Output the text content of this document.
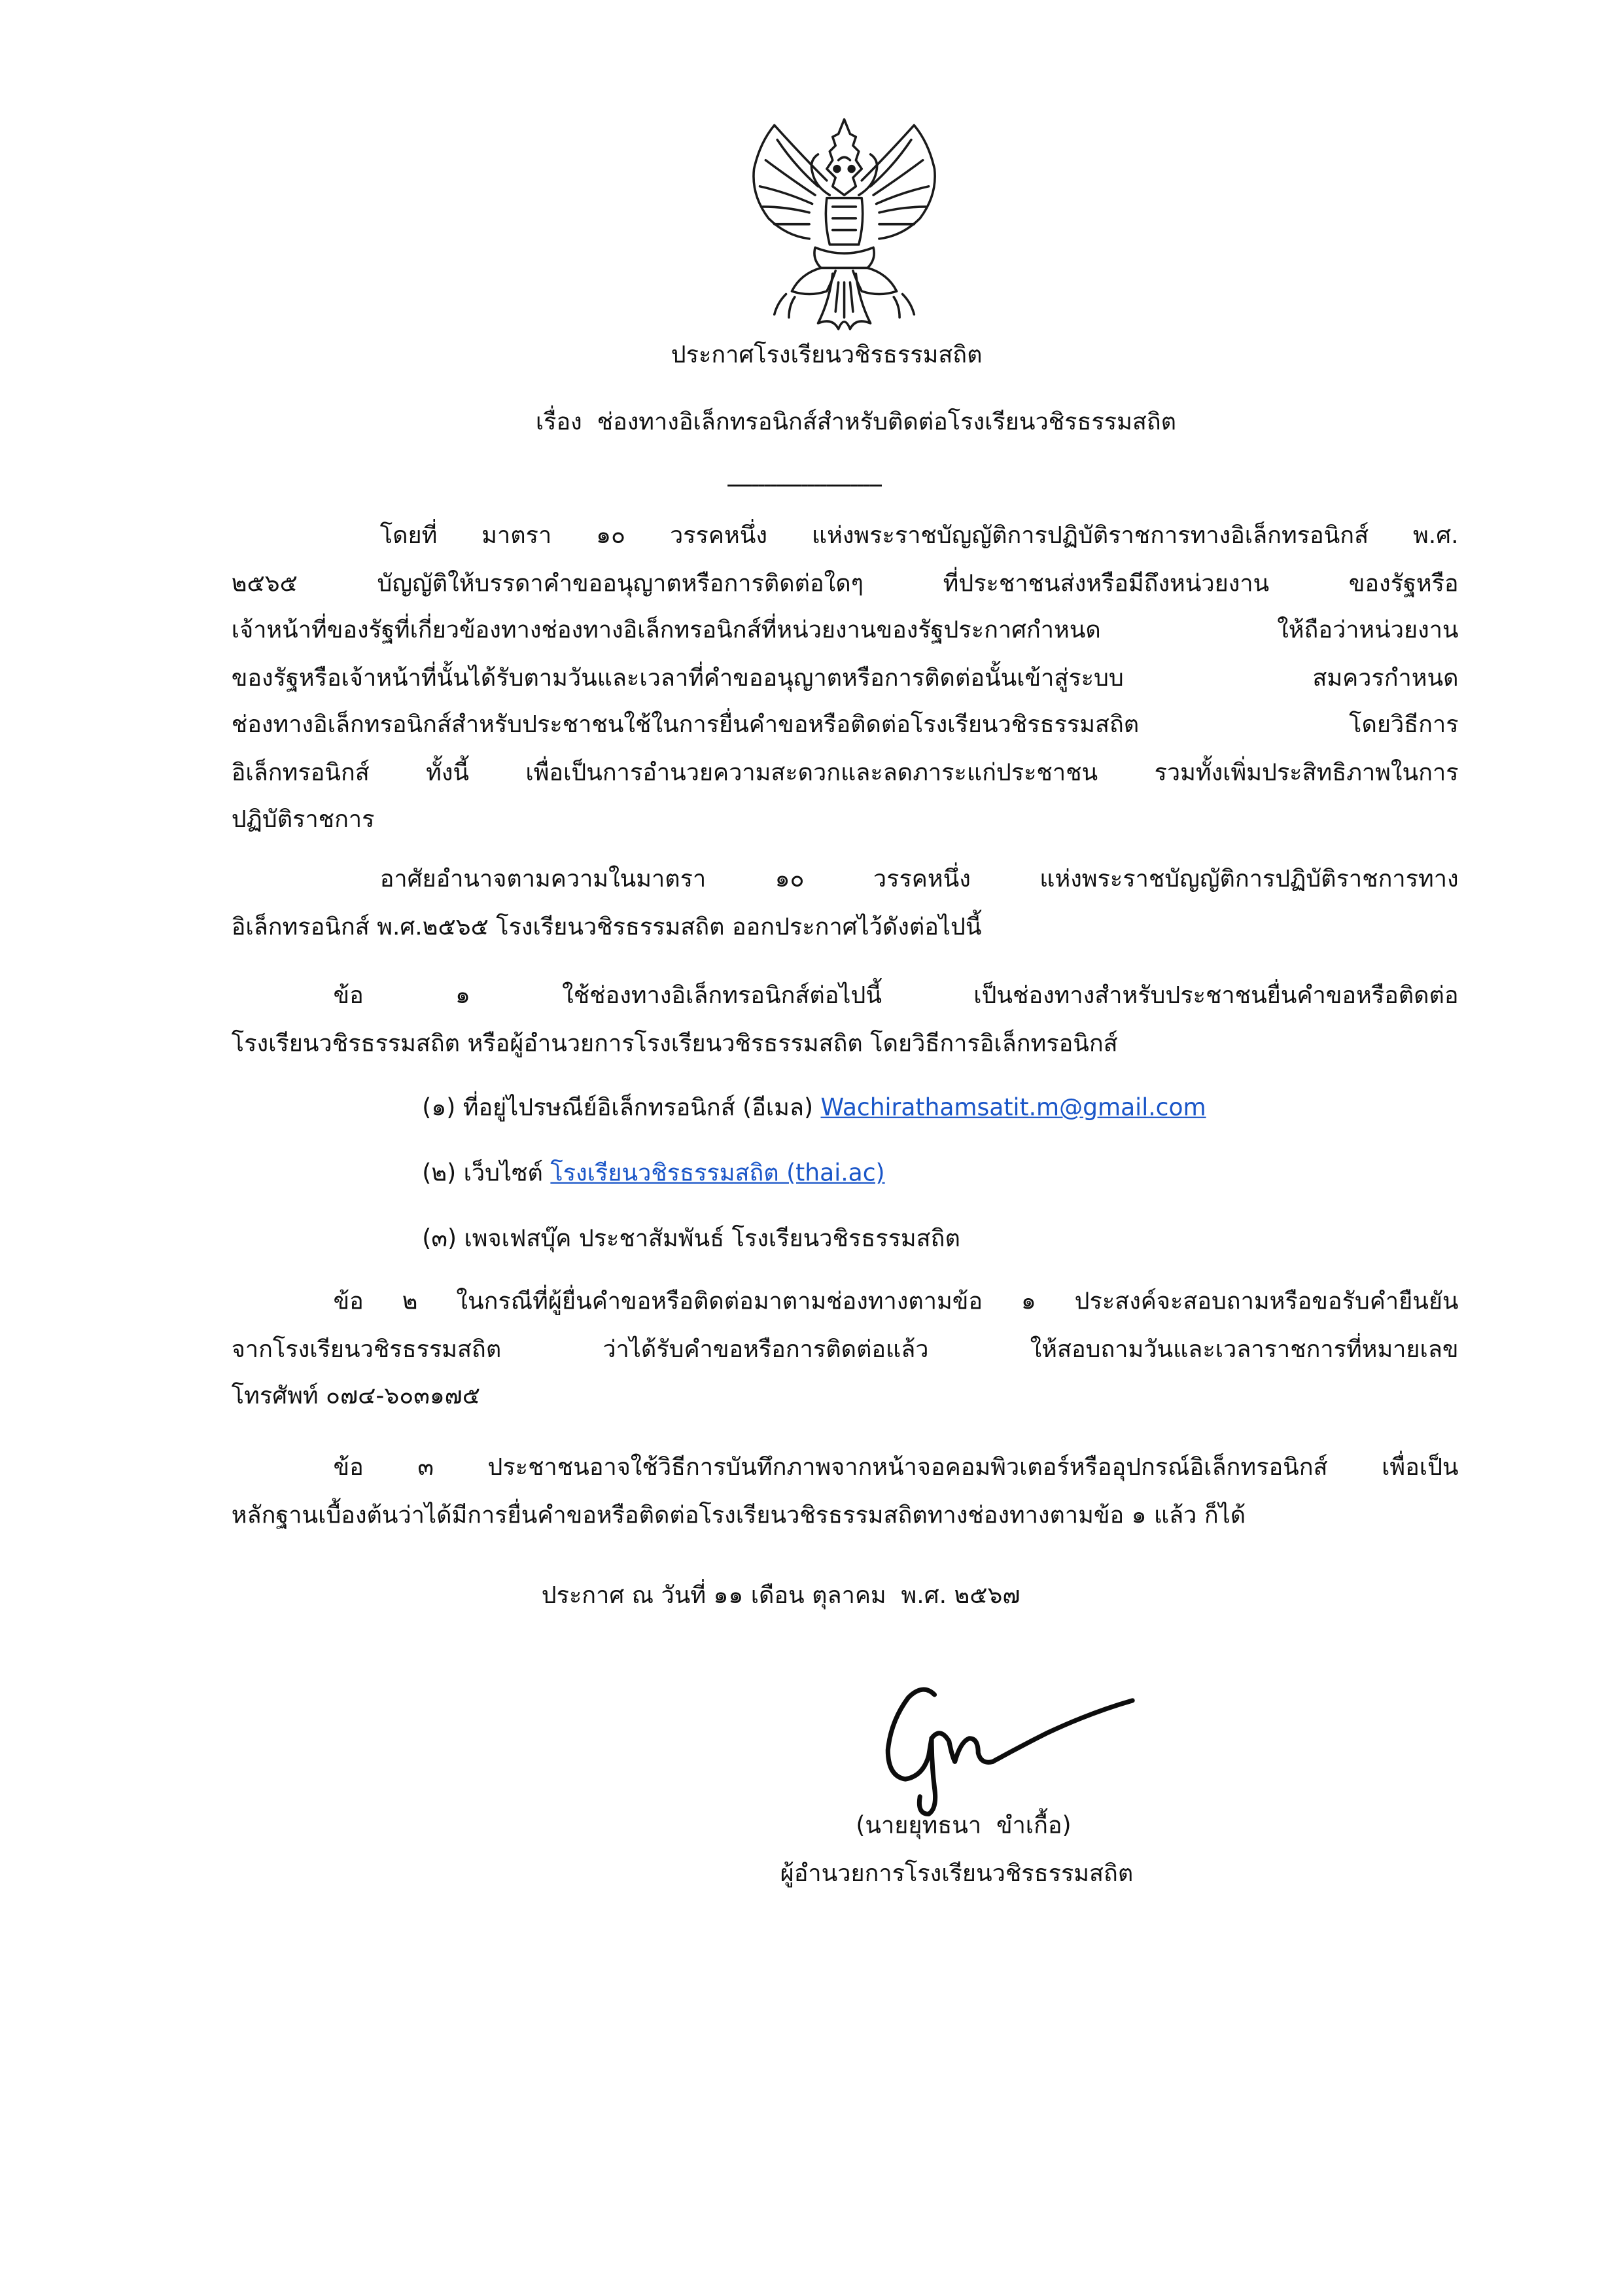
ประกาศโรงเรียนวชิรธรรมสถิต
เรื่อง ช่องทางอิเล็กทรอนิกส์สำหรับติดต่อโรงเรียนวชิรธรรมสถิต
-------------------------
โดยที่ มาตรา ๑๐ วรรคหนึ่ง แห่งพระราชบัญญัติการปฏิบัติราชการทางอิเล็กทรอนิกส์ พ.ศ.
๒๕๖๕ บัญญัติให้บรรดาคำขออนุญาตหรือการติดต่อใดๆ ที่ประชาชนส่งหรือมีถึงหน่วยงาน ของรัฐหรือ
เจ้าหน้าที่ของรัฐที่เกี่ยวข้องทางช่องทางอิเล็กทรอนิกส์ที่หน่วยงานของรัฐประกาศกำหนด ให้ถือว่าหน่วยงาน
ของรัฐหรือเจ้าหน้าที่นั้นได้รับตามวันและเวลาที่คำขออนุญาตหรือการติดต่อนั้นเข้าสู่ระบบ สมควรกำหนด
ช่องทางอิเล็กทรอนิกส์สำหรับประชาชนใช้ในการยื่นคำขอหรือติดต่อโรงเรียนวชิรธรรมสถิต โดยวิธีการ
อิเล็กทรอนิกส์ ทั้งนี้ เพื่อเป็นการอำนวยความสะดวกและลดภาระแก่ประชาชน รวมทั้งเพิ่มประสิทธิภาพในการ
ปฏิบัติราชการ
อาศัยอำนาจตามความในมาตรา ๑๐ วรรคหนึ่ง แห่งพระราชบัญญัติการปฏิบัติราชการทาง
อิเล็กทรอนิกส์ พ.ศ.๒๕๖๕ โรงเรียนวชิรธรรมสถิต ออกประกาศไว้ดังต่อไปนี้
ข้อ ๑ ใช้ช่องทางอิเล็กทรอนิกส์ต่อไปนี้ เป็นช่องทางสำหรับประชาชนยื่นคำขอหรือติดต่อ
โรงเรียนวชิรธรรมสถิต หรือผู้อำนวยการโรงเรียนวชิรธรรมสถิต โดยวิธีการอิเล็กทรอนิกส์
(๑) ที่อยู่ไปรษณีย์อิเล็กทรอนิกส์ (อีเมล) Wachirathamsatit.m@gmail.com
(๒) เว็บไซต์ โรงเรียนวชิรธรรมสถิต (thai.ac)
(๓) เพจเฟสบุ๊ค ประชาสัมพันธ์ โรงเรียนวชิรธรรมสถิต
ข้อ ๒ ในกรณีที่ผู้ยื่นคำขอหรือติดต่อมาตามช่องทางตามข้อ ๑ ประสงค์จะสอบถามหรือขอรับคำยืนยัน
จากโรงเรียนวชิรธรรมสถิต ว่าได้รับคำขอหรือการติดต่อแล้ว ให้สอบถามวันและเวลาราชการที่หมายเลข
โทรศัพท์ ๐๗๔-๖๐๓๑๗๕
ข้อ ๓ ประชาชนอาจใช้วิธีการบันทึกภาพจากหน้าจอคอมพิวเตอร์หรืออุปกรณ์อิเล็กทรอนิกส์ เพื่อเป็น
หลักฐานเบื้องต้นว่าได้มีการยื่นคำขอหรือติดต่อโรงเรียนวชิรธรรมสถิตทางช่องทางตามข้อ ๑ แล้ว ก็ได้
ประกาศ ณ วันที่ ๑๑ เดือน ตุลาคม  พ.ศ. ๒๕๖๗
(นายยุทธนา  ขำเกื้อ)
ผู้อำนวยการโรงเรียนวชิรธรรมสถิต
